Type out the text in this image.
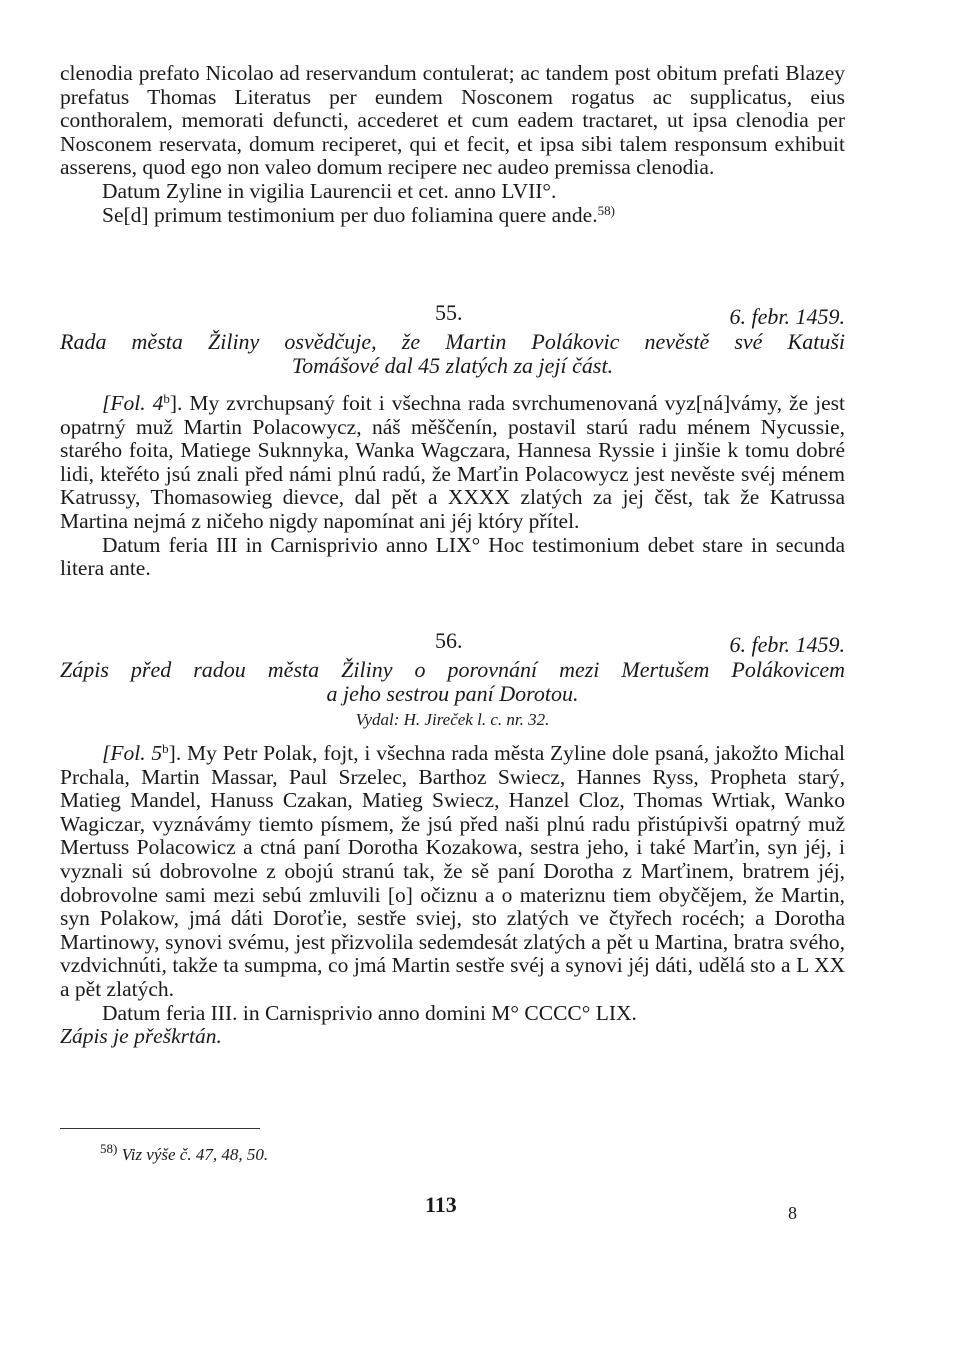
clenodia prefato Nicolao ad reservandum contulerat; ac tandem post obitum prefati Blazey prefatus Thomas Literatus per eundem Nosconem rogatus ac supplicatus, eius conthoralem, memorati defuncti, accederet et cum eadem tractaret, ut ipsa clenodia per Nosconem reservata, domum reciperet, qui et fecit, et ipsa sibi talem responsum exhibuit asserens, quod ego non valeo domum recipere nec audeo premissa clenodia.

Datum Zyline in vigilia Laurencii et cet. anno LVII°.

Se[d] primum testimonium per duo foliamina quere ande.$^{58)}$

55.	6. febr. 1459.

Rada města Žiliny osvědčuje, že Martin Polákovic nevěstě své Katuši

Tomášové dal 45 zlatých za její část.

[Fol. 4$^b$]. My zvrchupsaný foit i všechna rada svrchumenovaná vyz[ná]vámy, že jest opatrný muž Martin Polacowycz, náš měščenín, postavil starú radu ménem Nycussie, starého foita, Matiege Suknnyka, Wanka Wagczara, Hannesa Ryssie i jinšie k tomu dobré lidi, kteřéto jsú znali před námi plnú radú, že Marťin Polacowycz jest nevěste svéj ménem Katrussy, Thomasowieg dievce, dal pět a XXXX zlatých za jej čěst, tak že Katrussa Martina nejmá z ničeho nigdy napomínat ani jéj który přítel.

Datum feria III in Carnisprivio anno LIX° Hoc testimonium debet stare in secunda litera ante.

56.	6. febr. 1459.

Zápis před radou města Žiliny o porovnání mezi Mertušem Polákovicem

a jeho sestrou paní Dorotou.

Vydal: H. Jireček l. c. nr. 32.

[Fol. 5$^b$]. My Petr Polak, fojt, i všechna rada města Zyline dole psaná, jakožto Michal Prchala, Martin Massar, Paul Srzelec, Barthoz Swiecz, Hannes Ryss, Propheta starý, Matieg Mandel, Hanuss Czakan, Matieg Swiecz, Hanzel Cloz, Thomas Wrtiak, Wanko Wagiczar, vyznávámy tiemto písmem, že jsú před naši plnú radu přistúpivši opatrný muž Mertuss Polacowicz a ctná paní Dorotha Kozakowa, sestra jeho, i také Marťin, syn jéj, i vyznali sú dobrovolne z obojú stranú tak, že sě paní Dorotha z Marťinem, bratrem jéj, dobrovolne sami mezi sebú zmluvili [o] očiznu a o materiznu tiem obyčějem, že Martin, syn Polakow, jmá dáti Doroťie, sestře sviej, sto zlatých ve čtyřech rocéch; a Dorotha Martinowy, synovi svému, jest přizvolila sedemdesát zlatých a pět u Martina, bratra svého, vzdvichnúti, takže ta sumpma, co jmá Martin sestře svéj a synovi jéj dáti, udělá sto a L XX a pět zlatých.

Datum feria III. in Carnisprivio anno domini M° CCCC° LIX.

Zápis je přeškrtán.

$^{58)}$ Viz výše č. 47, 48, 50.
113	8
